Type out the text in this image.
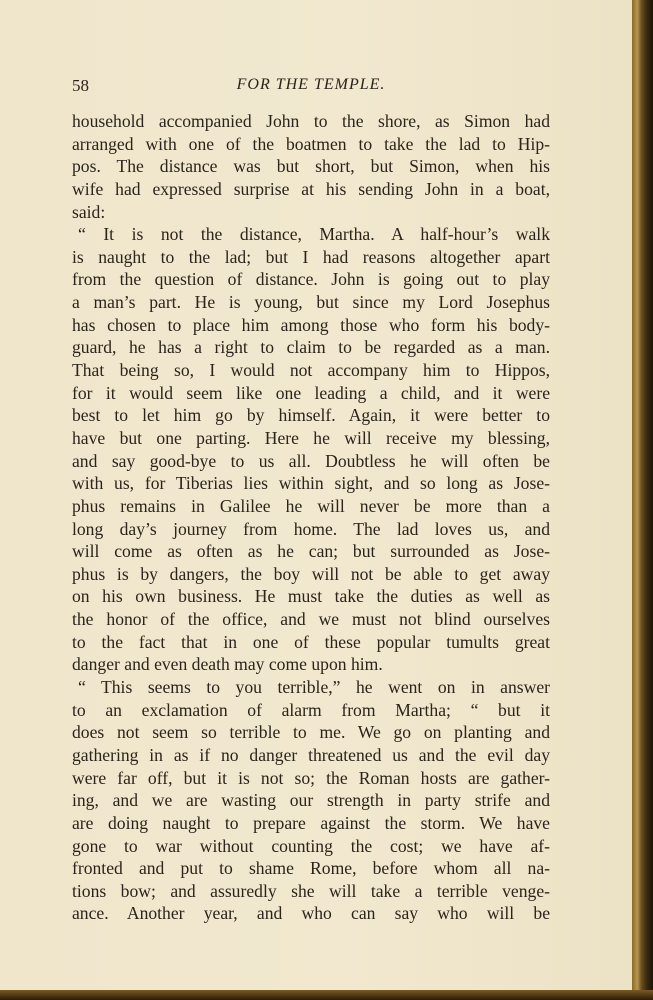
58	FOR THE TEMPLE.
household accompanied John to the shore, as Simon had
arranged with one of the boatmen to take the lad to Hip-
pos. The distance was but short, but Simon, when his
wife had expressed surprise at his sending John in a boat,
said:
“ It is not the distance, Martha. A half-hour’s walk
is naught to the lad; but I had reasons altogether apart
from the question of distance. John is going out to play
a man’s part. He is young, but since my Lord Josephus
has chosen to place him among those who form his body-
guard, he has a right to claim to be regarded as a man.
That being so, I would not accompany him to Hippos,
for it would seem like one leading a child, and it were
best to let him go by himself. Again, it were better to
have but one parting. Here he will receive my blessing,
and say good-bye to us all. Doubtless he will often be
with us, for Tiberias lies within sight, and so long as Jose-
phus remains in Galilee he will never be more than a
long day’s journey from home. The lad loves us, and
will come as often as he can; but surrounded as Jose-
phus is by dangers, the boy will not be able to get away
on his own business. He must take the duties as well as
the honor of the office, and we must not blind ourselves
to the fact that in one of these popular tumults great
danger and even death may come upon him.
“ This seems to you terrible,” he went on in answer
to an exclamation of alarm from Martha; “ but it
does not seem so terrible to me. We go on planting and
gathering in as if no danger threatened us and the evil day
were far off, but it is not so; the Roman hosts are gather-
ing, and we are wasting our strength in party strife and
are doing naught to prepare against the storm. We have
gone to war without counting the cost; we have af-
fronted and put to shame Rome, before whom all na-
tions bow; and assuredly she will take a terrible venge-
ance. Another year, and who can say who will be
